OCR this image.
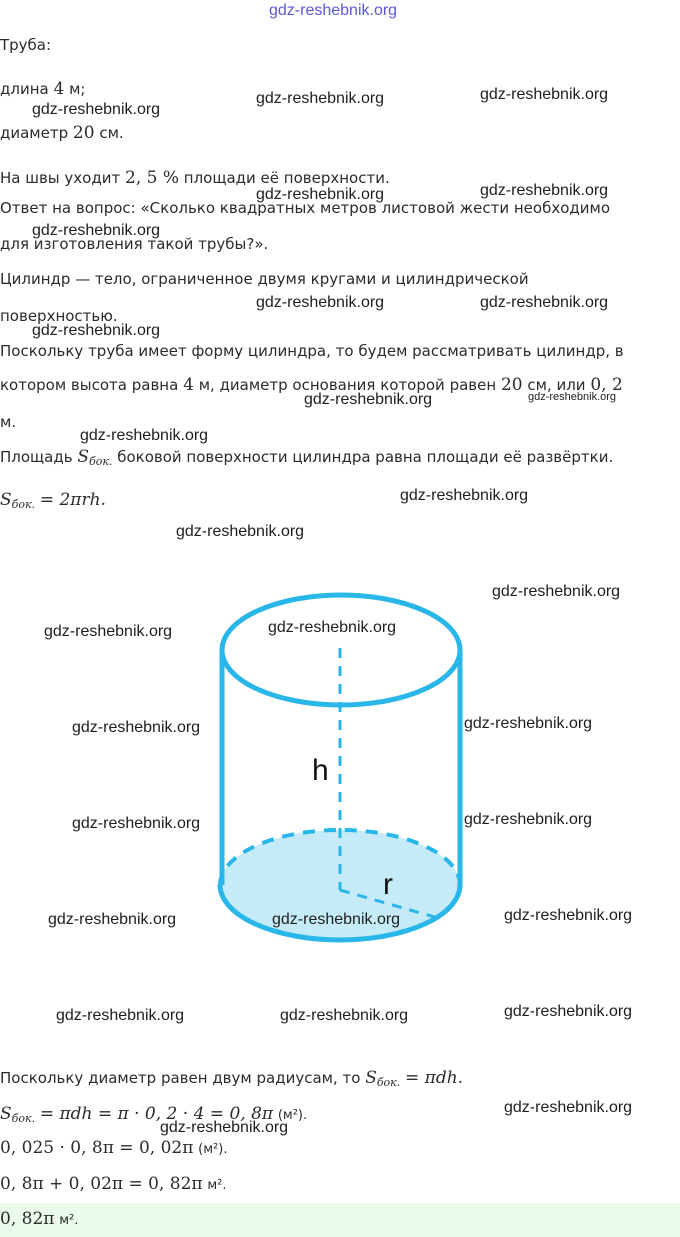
gdz-reshebnik.org
Труба:
длина 4 м;
диаметр 20 см.
На швы уходит 2, 5 % площади её поверхности.
Ответ на вопрос: «Сколько квадратных метров листовой жести необходимо
для изготовления такой трубы?».
Цилиндр — тело, ограниченное двумя кругами и цилиндрической
поверхностью.
Поскольку труба имеет форму цилиндра, то будем рассматривать цилиндр, в
котором высота равна 4 м, диаметр основания которой равен 20 см, или 0, 2
м.
Площадь $S_{бок.}$ боковой поверхности цилиндра равна площади её развёртки.
$S_{бок.} = 2\pi rh$.
h
r
Поскольку диаметр равен двум радиусам, то $S_{бок.} = \pi dh$.
$S_{бок.} = \pi dh = \pi \cdot 0$, 2 · 4 = 0, 8π (м²).
0, 025 · 0, 8π = 0, 02π (м²).
0, 8π + 0, 02π = 0, 82π м².
0, 82π м².
gdz-reshebnik.org
gdz-reshebnik.org	gdz-reshebnik.org
gdz-reshebnik.org	gdz-reshebnik.org
gdz-reshebnik.org
gdz-reshebnik.org	gdz-reshebnik.org
gdz-reshebnik.org
gdz-reshebnik.org	gdz-reshebnik.org
gdz-reshebnik.org
gdz-reshebnik.org
gdz-reshebnik.org
gdz-reshebnik.org
gdz-reshebnik.org	gdz-reshebnik.org
gdz-reshebnik.org	gdz-reshebnik.org
gdz-reshebnik.org	gdz-reshebnik.org
gdz-reshebnik.org	gdz-reshebnik.org	gdz-reshebnik.org
gdz-reshebnik.org	gdz-reshebnik.org	gdz-reshebnik.org
gdz-reshebnik.org
gdz-reshebnik.org
